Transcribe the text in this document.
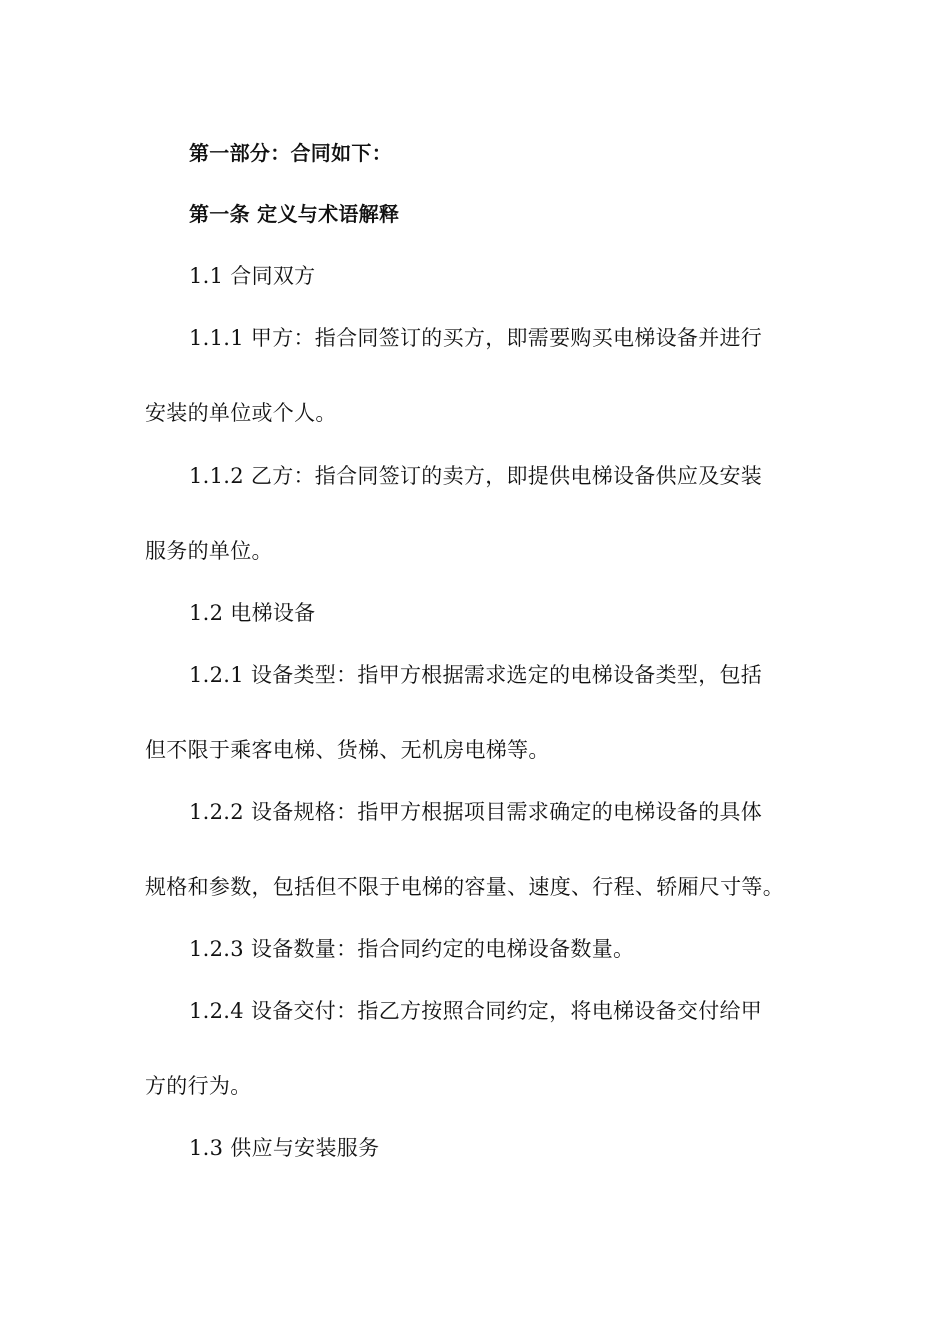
第一部分：合同如下：
第一条 定义与术语解释
1.1 合同双方
1.1.1 甲方：指合同签订的买方，即需要购买电梯设备并进行
安装的单位或个人。
1.1.2 乙方：指合同签订的卖方，即提供电梯设备供应及安装
服务的单位。
1.2 电梯设备
1.2.1 设备类型：指甲方根据需求选定的电梯设备类型，包括
但不限于乘客电梯、货梯、无机房电梯等。
1.2.2 设备规格：指甲方根据项目需求确定的电梯设备的具体
规格和参数，包括但不限于电梯的容量、速度、行程、轿厢尺寸等。
1.2.3 设备数量：指合同约定的电梯设备数量。
1.2.4 设备交付：指乙方按照合同约定，将电梯设备交付给甲
方的行为。
1.3 供应与安装服务
